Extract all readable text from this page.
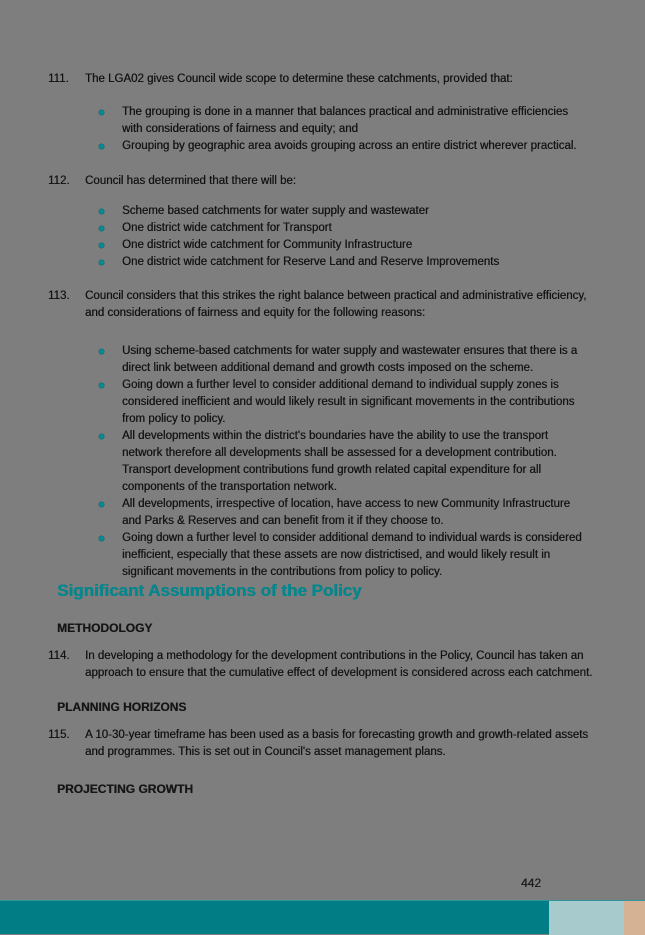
111.	The LGA02 gives Council wide scope to determine these catchments, provided that:
The grouping is done in a manner that balances practical and administrative efficiencies with considerations of fairness and equity; and
Grouping by geographic area avoids grouping across an entire district wherever practical.
112.	Council has determined that there will be:
Scheme based catchments for water supply and wastewater
One district wide catchment for Transport
One district wide catchment for Community Infrastructure
One district wide catchment for Reserve Land and Reserve Improvements
113.	Council considers that this strikes the right balance between practical and administrative efficiency, and considerations of fairness and equity for the following reasons:
Using scheme-based catchments for water supply and wastewater ensures that there is a direct link between additional demand and growth costs imposed on the scheme.
Going down a further level to consider additional demand to individual supply zones is considered inefficient and would likely result in significant movements in the contributions from policy to policy.
All developments within the district's boundaries have the ability to use the transport network therefore all developments shall be assessed for a development contribution. Transport development contributions fund growth related capital expenditure for all components of the transportation network.
All developments, irrespective of location, have access to new Community Infrastructure and Parks & Reserves and can benefit from it if they choose to.
Going down a further level to consider additional demand to individual wards is considered inefficient, especially that these assets are now districtised, and would likely result in significant movements in the contributions from policy to policy.
Significant Assumptions of the Policy
METHODOLOGY
114.	In developing a methodology for the development contributions in the Policy, Council has taken an approach to ensure that the cumulative effect of development is considered across each catchment.
PLANNING HORIZONS
115.	A 10-30-year timeframe has been used as a basis for forecasting growth and growth-related assets and programmes. This is set out in Council's asset management plans.
PROJECTING GROWTH
442
